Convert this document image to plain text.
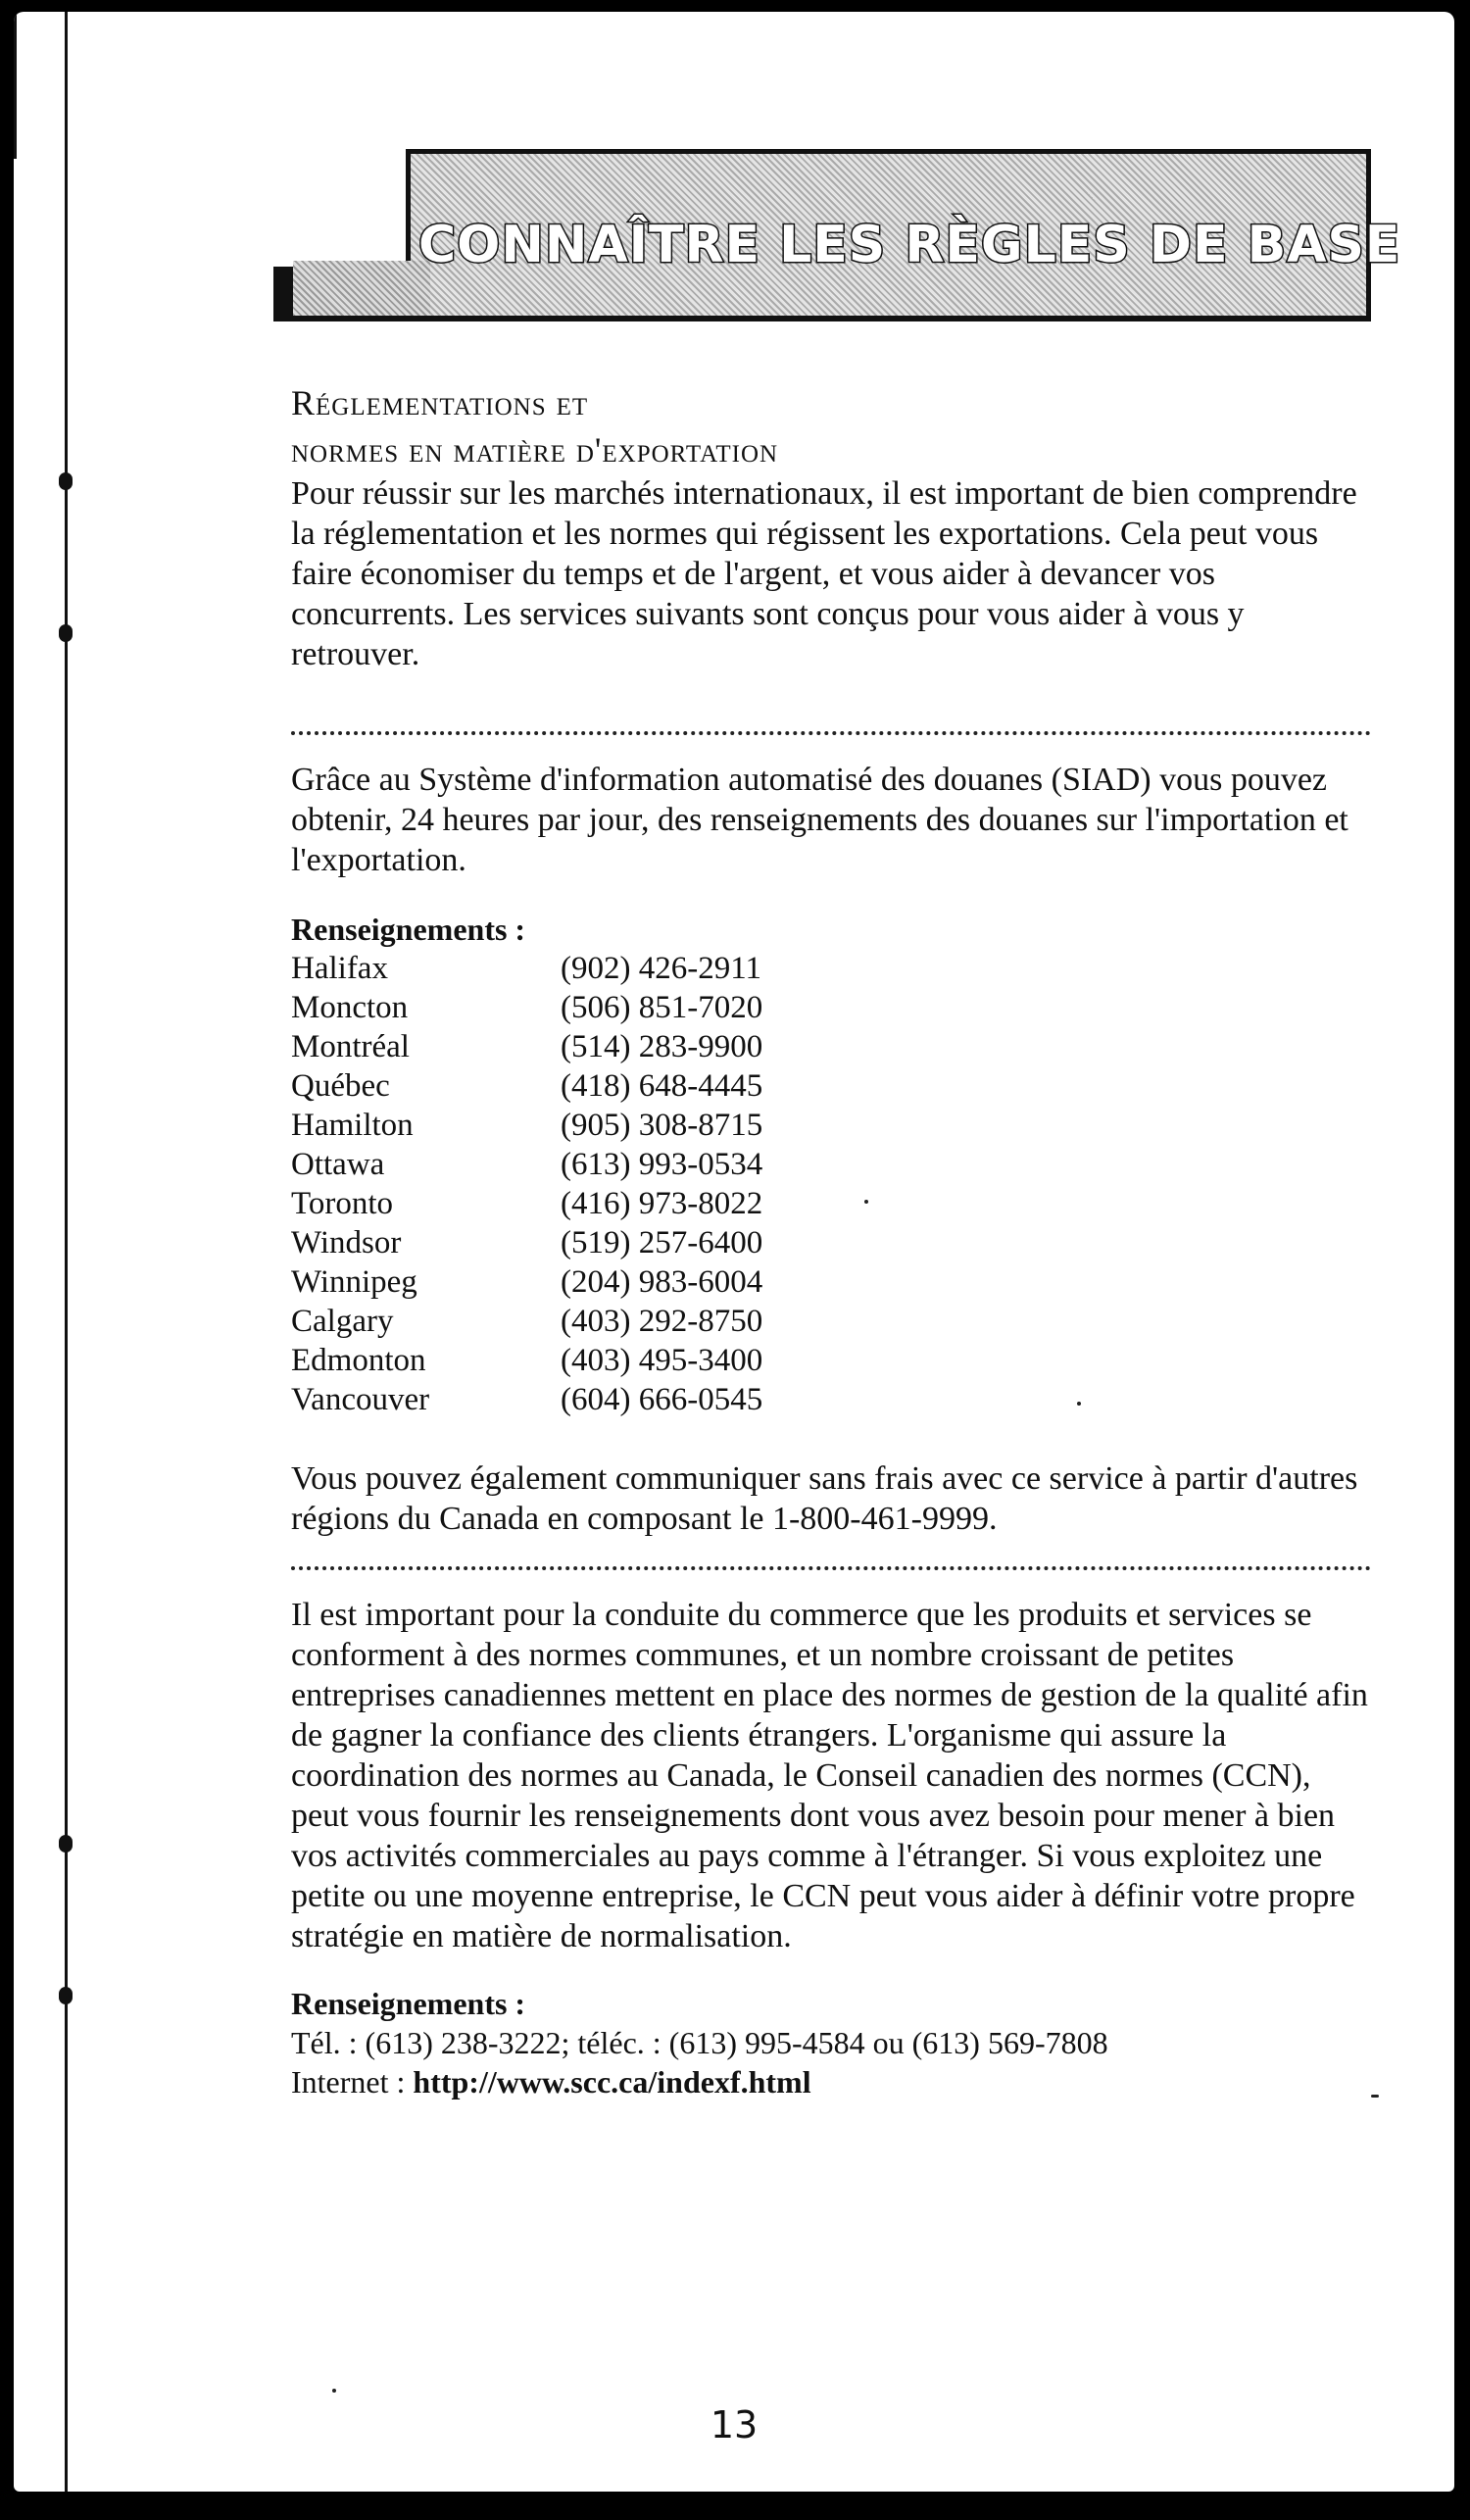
CONNAÎTRE LES RÈGLES DE BASE
Réglementations et
normes en matière d'exportation

Pour réussir sur les marchés internationaux, il est important de bien comprendre la réglementation et les normes qui régissent les exportations. Cela peut vous faire économiser du temps et de l'argent, et vous aider à devancer vos concurrents. Les services suivants sont conçus pour vous aider à vous y retrouver.

Grâce au Système d'information automatisé des douanes (SIAD) vous pouvez obtenir, 24 heures par jour, des renseignements des douanes sur l'importation et l'exportation.

Renseignements :

Halifax	(902) 426-2911
Moncton	(506) 851-7020
Montréal	(514) 283-9900
Québec	(418) 648-4445
Hamilton	(905) 308-8715
Ottawa	(613) 993-0534
Toronto	(416) 973-8022
Windsor	(519) 257-6400
Winnipeg	(204) 983-6004
Calgary	(403) 292-8750
Edmonton	(403) 495-3400
Vancouver	(604) 666-0545

Vous pouvez également communiquer sans frais avec ce service à partir d'autres régions du Canada en composant le 1-800-461-9999.

Il est important pour la conduite du commerce que les produits et services se conforment à des normes communes, et un nombre croissant de petites entreprises canadiennes mettent en place des normes de gestion de la qualité afin de gagner la confiance des clients étrangers. L'organisme qui assure la coordination des normes au Canada, le Conseil canadien des normes (CCN), peut vous fournir les renseignements dont vous avez besoin pour mener à bien vos activités commerciales au pays comme à l'étranger. Si vous exploitez une petite ou une moyenne entreprise, le CCN peut vous aider à définir votre propre stratégie en matière de normalisation.

Renseignements :

Tél. : (613) 238-3222; téléc. : (613) 995-4584 ou (613) 569-7808

Internet : http://www.scc.ca/indexf.html

13
